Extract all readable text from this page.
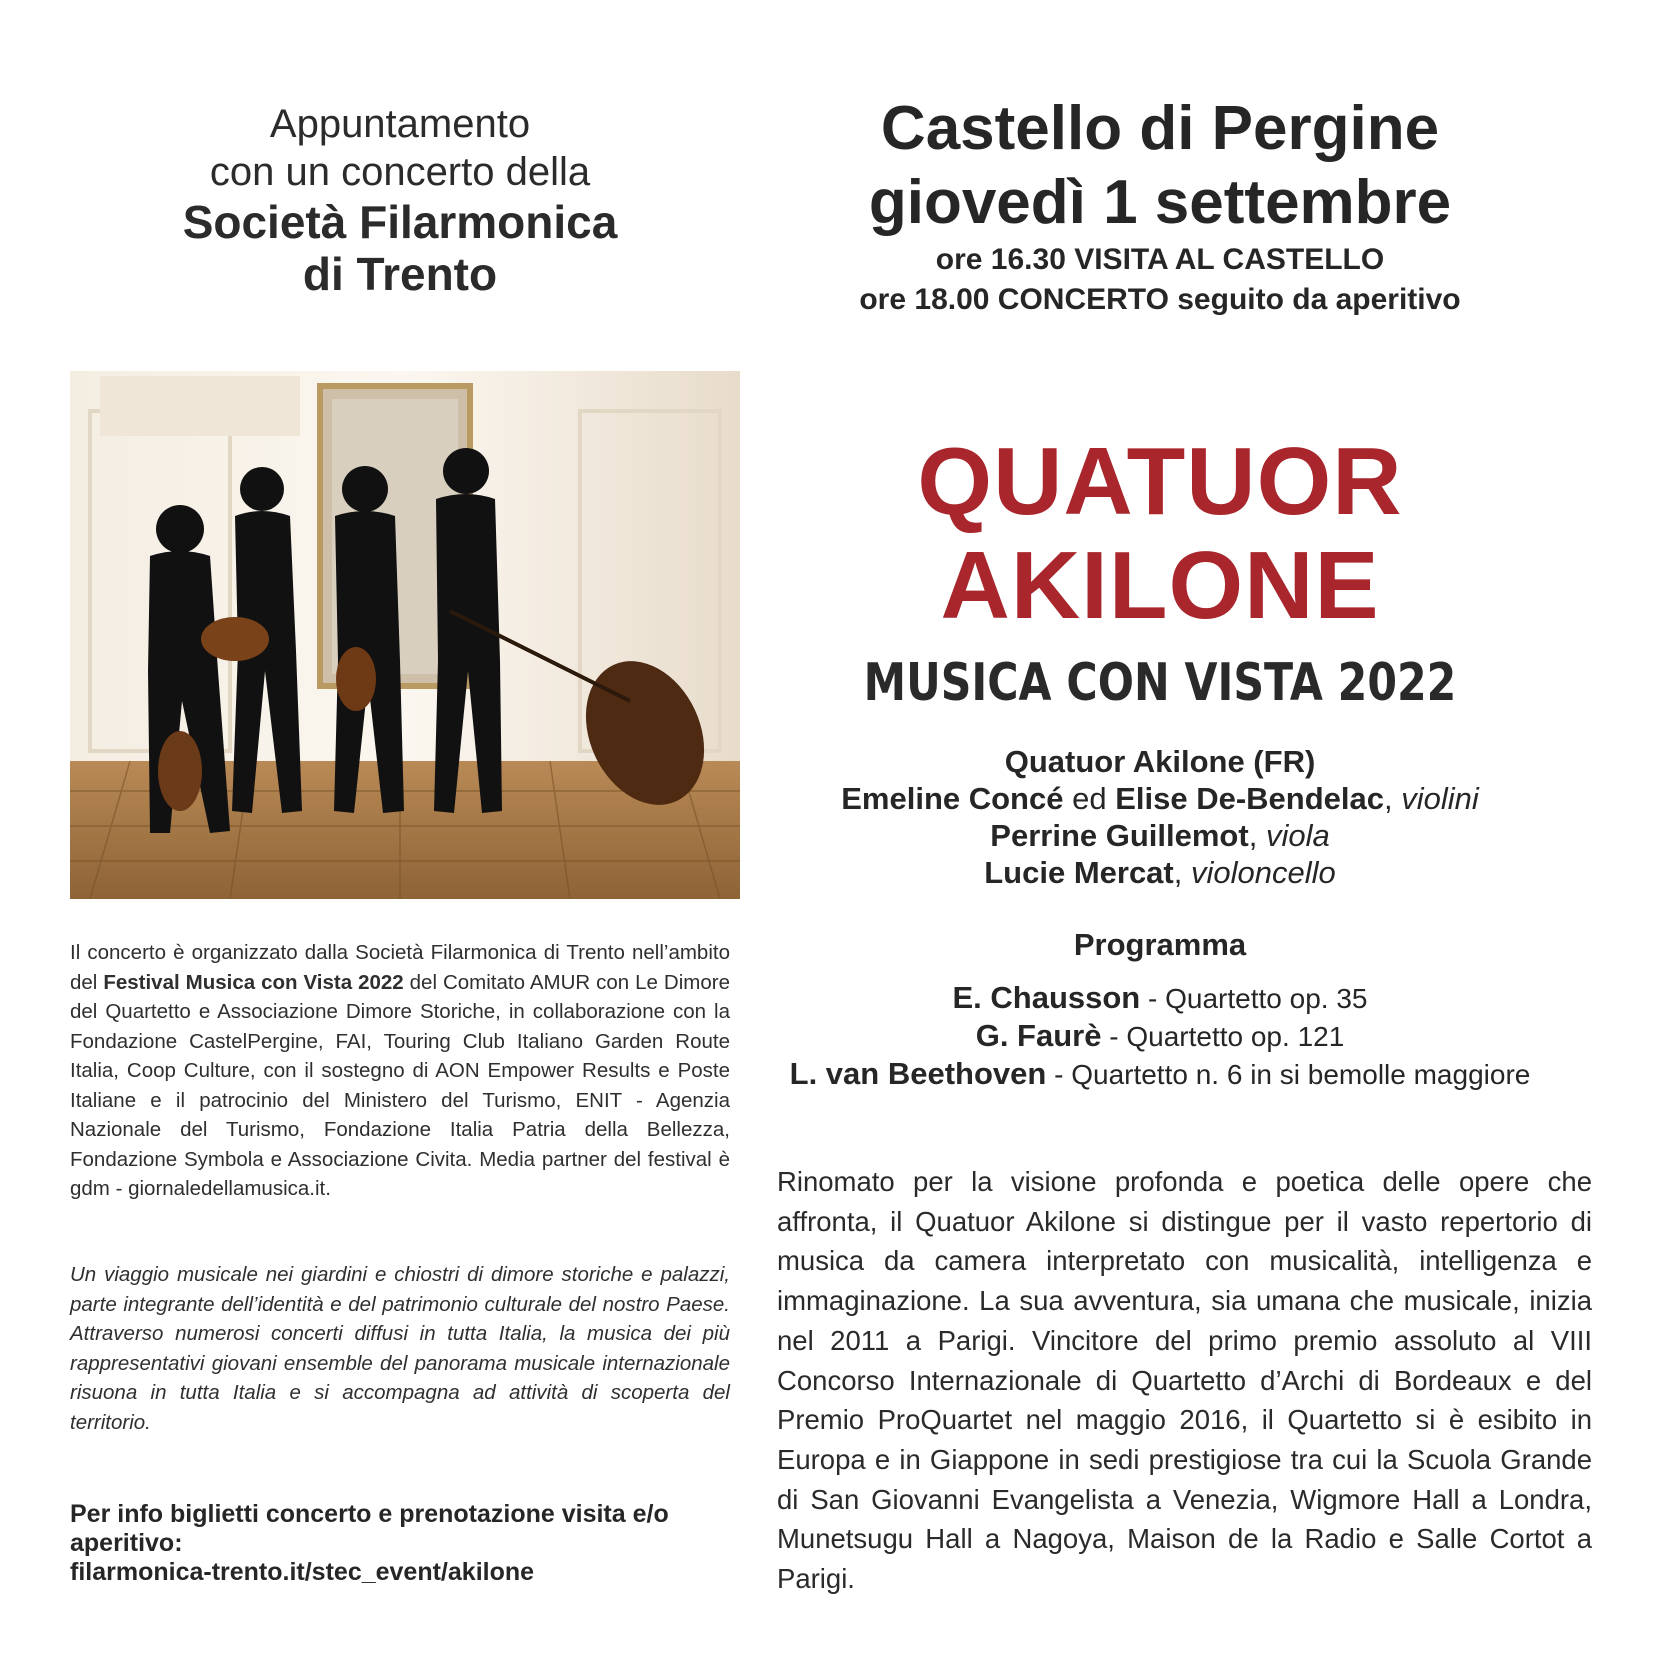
Appuntamento
con un concerto della
Società Filarmonica
di Trento
Castello di Pergine
giovedì 1 settembre
ore 16.30 VISITA AL CASTELLO
ore 18.00 CONCERTO seguito da aperitivo
QUATUOR
AKILONE
MUSICA CON VISTA 2022
Quatuor Akilone (FR)
Emeline Concé ed Elise De-Bendelac, violini
Perrine Guillemot, viola
Lucie Mercat, violoncello
Programma
E. Chausson - Quartetto op. 35
G. Faurè - Quartetto op. 121
L. van Beethoven - Quartetto n. 6 in si bemolle maggiore
Il concerto è organizzato dalla Società Filarmonica di Trento nell’ambito del Festival Musica con Vista 2022 del Comitato AMUR con Le Dimore del Quartetto e Associazione Dimore Storiche, in collaborazione con la Fondazione CastelPergine, FAI, Touring Club Italiano Garden Route Italia, Coop Culture, con il sostegno di AON Empower Results e Poste Italiane e il patrocinio del Ministero del Turismo, ENIT - Agenzia Nazionale del Turismo, Fondazione Italia Patria della Bellezza, Fondazione Symbola e Associazione Civita. Media partner del festival è gdm - giornaledellamusica.it.
Un viaggio musicale nei giardini e chiostri di dimore storiche e palazzi, parte integrante dell’identità e del patrimonio culturale del nostro Paese. Attraverso numerosi concerti diffusi in tutta Italia, la musica dei più rappresentativi giovani ensemble del panorama musicale internazionale risuona in tutta Italia e si accompagna ad attività di scoperta del territorio.
Per info biglietti concerto e prenotazione visita e/o aperitivo:
filarmonica-trento.it/stec_event/akilone
Rinomato per la visione profonda e poetica delle opere che affronta, il Quatuor Akilone si distingue per il vasto repertorio di musica da camera interpretato con musicalità, intelligenza e immaginazione. La sua avventura, sia umana che musicale, inizia nel 2011 a Parigi. Vincitore del primo premio assoluto al VIII Concorso Internazionale di Quartetto d’Archi di Bordeaux e del Premio ProQuartet nel maggio 2016, il Quartetto si è esibito in Europa e in Giappone in sedi prestigiose tra cui la Scuola Grande di San Giovanni Evangelista a Venezia, Wigmore Hall a Londra, Munetsugu Hall a Nagoya, Maison de la Radio e Salle Cortot a Parigi.
